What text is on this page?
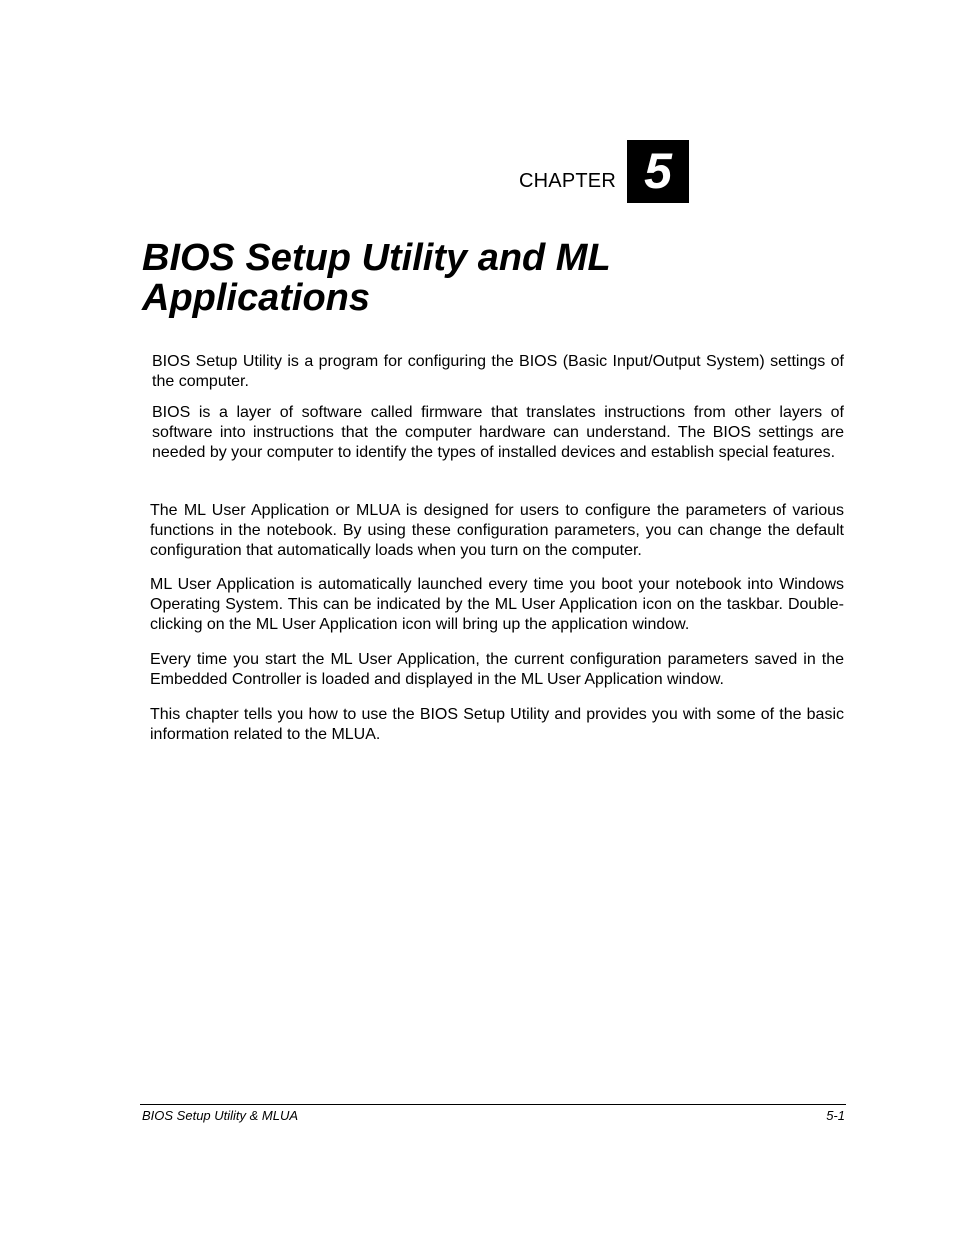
CHAPTER 5
BIOS Setup Utility and ML Applications

BIOS Setup Utility is a program for configuring the BIOS (Basic Input/Output System) settings of the computer.

BIOS is a layer of software called firmware that translates instructions from other layers of software into instructions that the computer hardware can understand. The BIOS settings are needed by your computer to identify the types of installed devices and establish special features.

The ML User Application or MLUA is designed for users to configure the parameters of various functions in the notebook. By using these configuration parameters, you can change the default configuration that automatically loads when you turn on the computer.

ML User Application is automatically launched every time you boot your notebook into Windows Operating System. This can be indicated by the ML User Application icon on the taskbar. Double-clicking on the ML User Application icon will bring up the application window.

Every time you start the ML User Application, the current configuration parameters saved in the Embedded Controller is loaded and displayed in the ML User Application window.

This chapter tells you how to use the BIOS Setup Utility and provides you with some of the basic information related to the MLUA.

BIOS Setup Utility & MLUA	5-1
